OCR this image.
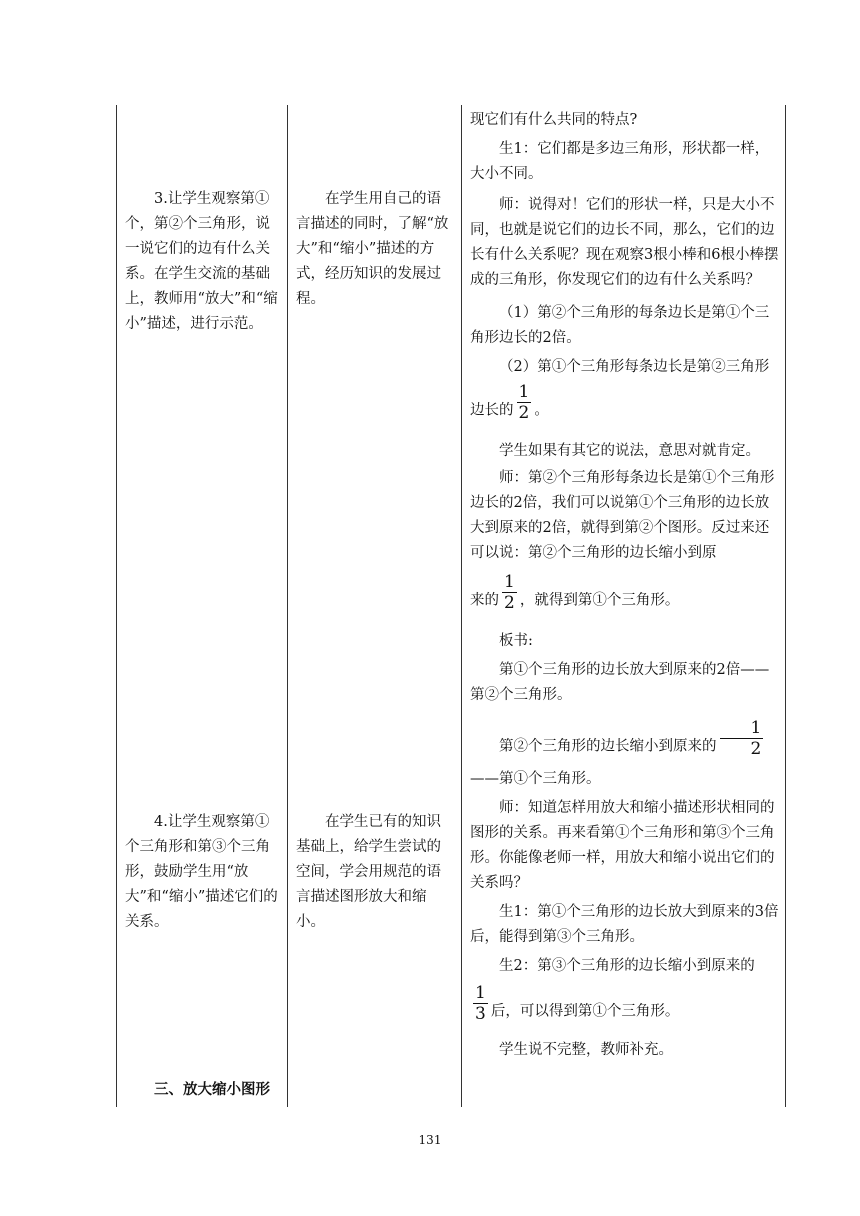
3.让学生观察第①个，第②个三角形，说一说它们的边有什么关系。在学生交流的基础上，教师用“放大”和“缩小”描述，进行示范。
4.让学生观察第①个三角形和第③个三角形，鼓励学生用“放大”和“缩小”描述它们的关系。
三、放大缩小图形
在学生用自己的语言描述的同时，了解“放大”和“缩小”描述的方式，经历知识的发展过程。
在学生已有的知识基础上，给学生尝试的空间，学会用规范的语言描述图形放大和缩小。

现它们有什么共同的特点?

生1：它们都是多边三角形，形状都一样，大小不同。

师：说得对！它们的形状一样，只是大小不同，也就是说它们的边长不同，那么，它们的边长有什么关系呢？现在观察3根小棒和6根小棒摆成的三角形，你发现它们的边有什么关系吗？

（1）第②个三角形的每条边长是第①个三角形边长的2倍。

（2）第①个三角形每条边长是第②三角形

边长的 $\frac{1}{2}$ 。

学生如果有其它的说法，意思对就肯定。

师：第②个三角形每条边长是第①个三角形边长的2倍，我们可以说第①个三角形的边长放大到原来的2倍，就得到第②个图形。反过来还可以说：第②个三角形的边长缩小到原

来的 $\frac{1}{2}$ ，就得到第①个三角形。

板书:

第①个三角形的边长放大到原来的2倍——第②个三角形。

第②个三角形的边长缩小到原来的 $\frac{1}{2}$
——第①个三角形。

师：知道怎样用放大和缩小描述形状相同的图形的关系。再来看第①个三角形和第③个三角形。你能像老师一样，用放大和缩小说出它们的关系吗？

生1：第①个三角形的边长放大到原来的3倍后，能得到第③个三角形。

生2：第③个三角形的边长缩小到原来的

$\frac{1}{3}$ 后，可以得到第①个三角形。

学生说不完整，教师补充。

131
